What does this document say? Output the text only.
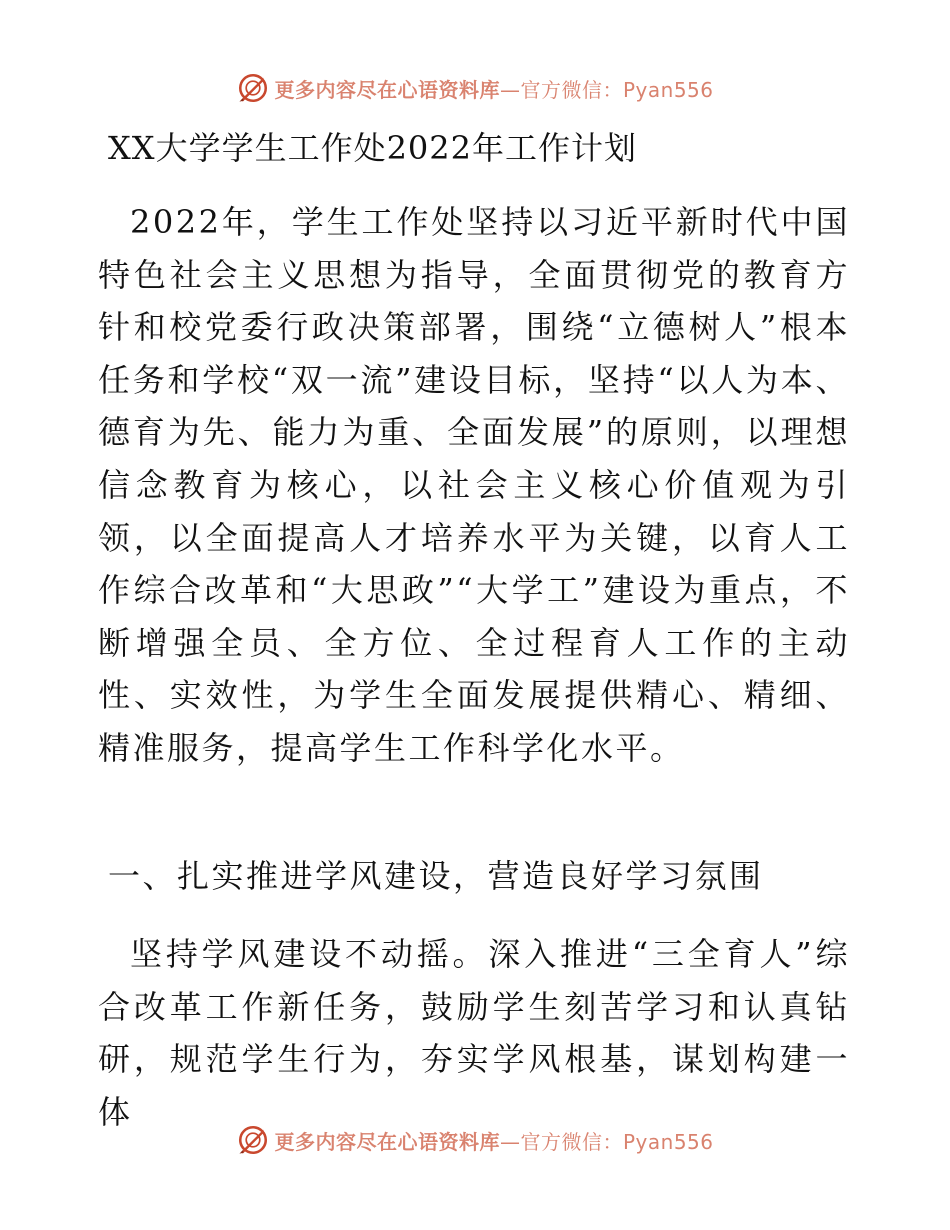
更多内容尽在心语资料库—官方微信：Pyan556
XX大学学生工作处2022年工作计划
2022年，学生工作处坚持以习近平新时代中国特色社会主义思想为指导，全面贯彻党的教育方针和校党委行政决策部署，围绕“立德树人”根本任务和学校“双一流”建设目标，坚持“以人为本、德育为先、能力为重、全面发展”的原则，以理想信念教育为核心，以社会主义核心价值观为引领，以全面提高人才培养水平为关键，以育人工作综合改革和“大思政”“大学工”建设为重点，不断增强全员、全方位、全过程育人工作的主动性、实效性，为学生全面发展提供精心、精细、精准服务，提高学生工作科学化水平。
一、扎实推进学风建设，营造良好学习氛围
坚持学风建设不动摇。深入推进“三全育人”综合改革工作新任务，鼓励学生刻苦学习和认真钻研，规范学生行为，夯实学风根基，谋划构建一体
更多内容尽在心语资料库—官方微信：Pyan556
